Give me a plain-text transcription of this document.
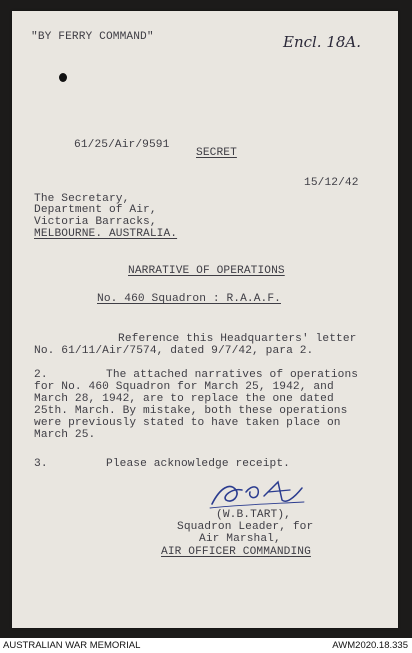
"BY FERRY COMMAND"	Encl. 18A.
61/25/Air/9591
SECRET
15/12/42
The Secretary,
Department of Air,
Victoria Barracks,
MELBOURNE. AUSTRALIA.
NARRATIVE OF OPERATIONS
No. 460 Squadron : R.A.A.F.
Reference this Headquarters' letter
No. 61/11/Air/7574, dated 9/7/42, para 2.
2.	The attached narratives of operations
for No. 460 Squadron for March 25, 1942, and
March 28, 1942, are to replace the one dated
25th. March. By mistake, both these operations
were previously stated to have taken place on
March 25.
3.	Please acknowledge receipt.
(W.B.TART),
Squadron Leader, for
Air Marshal,
AIR OFFICER COMMANDING
AUSTRALIAN WAR MEMORIAL	AWM2020.18.335
